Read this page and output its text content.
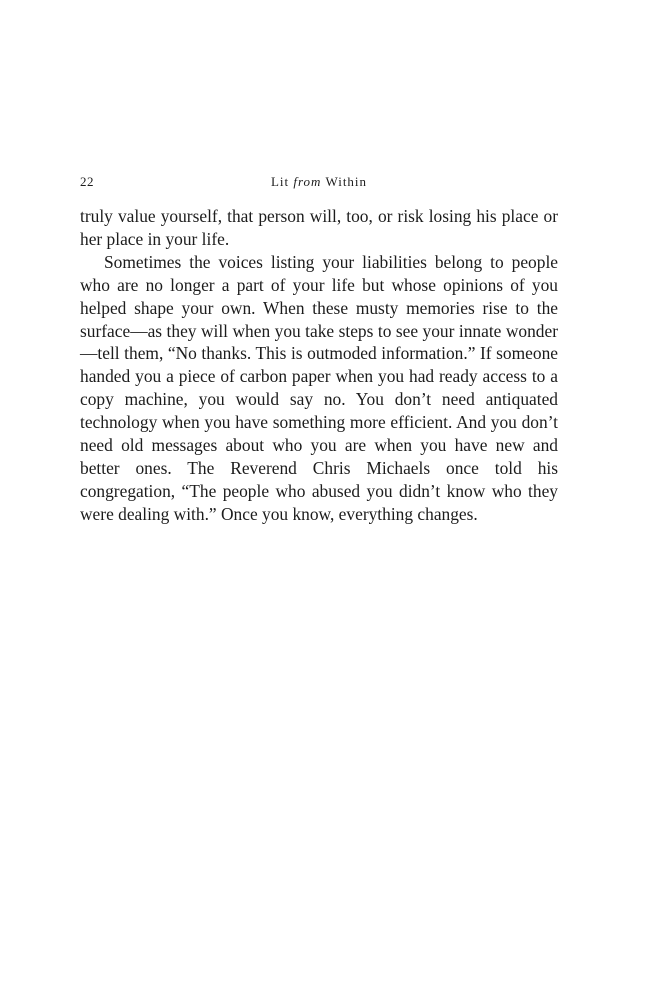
22	Lit from Within

truly value yourself, that person will, too, or risk losing his place or her place in your life.

Sometimes the voices listing your liabilities belong to people who are no longer a part of your life but whose opinions of you helped shape your own. When these musty memories rise to the surface—as they will when you take steps to see your innate wonder—tell them, “No thanks. This is outmoded information.” If someone handed you a piece of carbon paper when you had ready access to a copy machine, you would say no. You don’t need antiquated technology when you have something more efficient. And you don’t need old messages about who you are when you have new and better ones. The Reverend Chris Michaels once told his congregation, “The people who abused you didn’t know who they were dealing with.” Once you know, everything changes.
